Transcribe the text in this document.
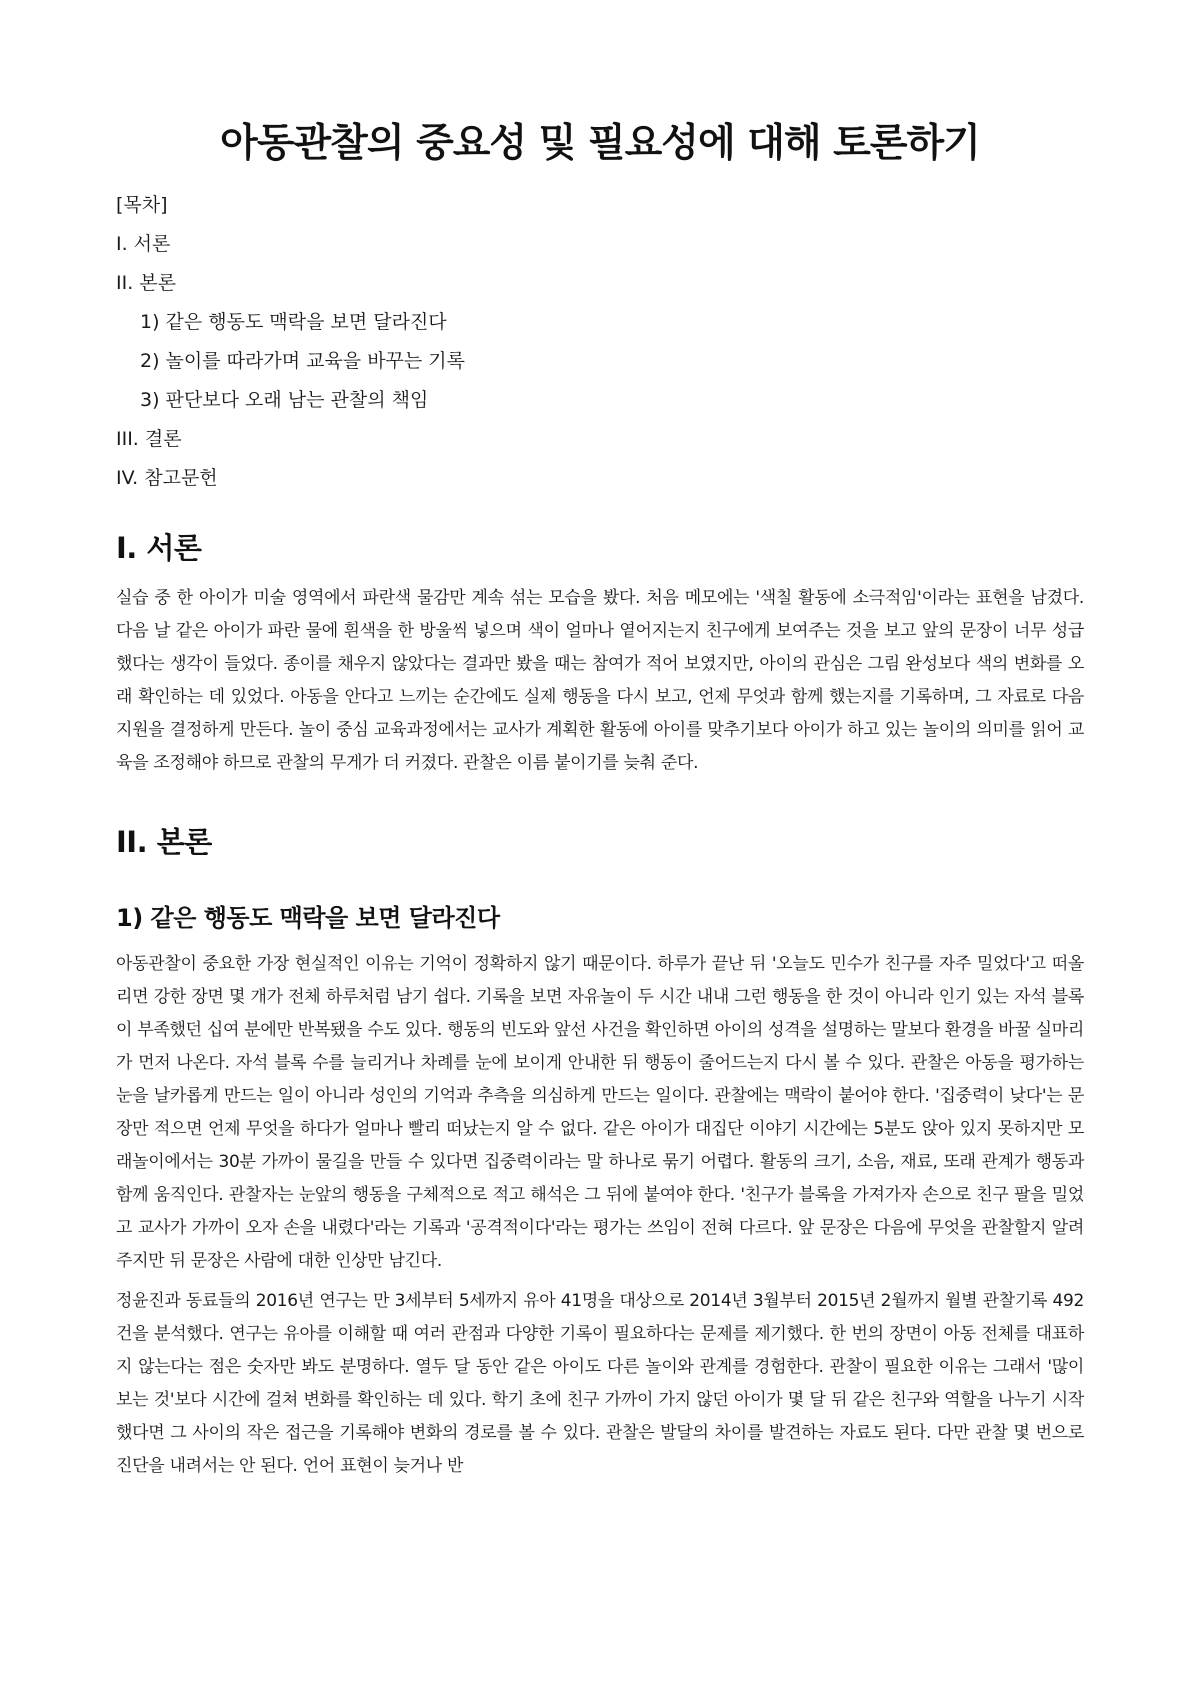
아동관찰의 중요성 및 필요성에 대해 토론하기
[목차]
I. 서론
II. 본론
1) 같은 행동도 맥락을 보면 달라진다
2) 놀이를 따라가며 교육을 바꾸는 기록
3) 판단보다 오래 남는 관찰의 책임
III. 결론
IV. 참고문헌
I. 서론

실습 중 한 아이가 미술 영역에서 파란색 물감만 계속 섞는 모습을 봤다. 처음 메모에는 '색칠 활동에 소극적임'이라는 표현을 남겼다. 다음 날 같은 아이가 파란 물에 흰색을 한 방울씩 넣으며 색이 얼마나 옅어지는지 친구에게 보여주는 것을 보고 앞의 문장이 너무 성급했다는 생각이 들었다. 종이를 채우지 않았다는 결과만 봤을 때는 참여가 적어 보였지만, 아이의 관심은 그림 완성보다 색의 변화를 오래 확인하는 데 있었다. 아동을 안다고 느끼는 순간에도 실제 행동을 다시 보고, 언제 무엇과 함께 했는지를 기록하며, 그 자료로 다음 지원을 결정하게 만든다. 놀이 중심 교육과정에서는 교사가 계획한 활동에 아이를 맞추기보다 아이가 하고 있는 놀이의 의미를 읽어 교육을 조정해야 하므로 관찰의 무게가 더 커졌다. 관찰은 이름 붙이기를 늦춰 준다.

II. 본론
1) 같은 행동도 맥락을 보면 달라진다

아동관찰이 중요한 가장 현실적인 이유는 기억이 정확하지 않기 때문이다. 하루가 끝난 뒤 '오늘도 민수가 친구를 자주 밀었다'고 떠올리면 강한 장면 몇 개가 전체 하루처럼 남기 쉽다. 기록을 보면 자유놀이 두 시간 내내 그런 행동을 한 것이 아니라 인기 있는 자석 블록이 부족했던 십여 분에만 반복됐을 수도 있다. 행동의 빈도와 앞선 사건을 확인하면 아이의 성격을 설명하는 말보다 환경을 바꿀 실마리가 먼저 나온다. 자석 블록 수를 늘리거나 차례를 눈에 보이게 안내한 뒤 행동이 줄어드는지 다시 볼 수 있다. 관찰은 아동을 평가하는 눈을 날카롭게 만드는 일이 아니라 성인의 기억과 추측을 의심하게 만드는 일이다. 관찰에는 맥락이 붙어야 한다. '집중력이 낮다'는 문장만 적으면 언제 무엇을 하다가 얼마나 빨리 떠났는지 알 수 없다. 같은 아이가 대집단 이야기 시간에는 5분도 앉아 있지 못하지만 모래놀이에서는 30분 가까이 물길을 만들 수 있다면 집중력이라는 말 하나로 묶기 어렵다. 활동의 크기, 소음, 재료, 또래 관계가 행동과 함께 움직인다. 관찰자는 눈앞의 행동을 구체적으로 적고 해석은 그 뒤에 붙여야 한다. '친구가 블록을 가져가자 손으로 친구 팔을 밀었고 교사가 가까이 오자 손을 내렸다'라는 기록과 '공격적이다'라는 평가는 쓰임이 전혀 다르다. 앞 문장은 다음에 무엇을 관찰할지 알려주지만 뒤 문장은 사람에 대한 인상만 남긴다.

정윤진과 동료들의 2016년 연구는 만 3세부터 5세까지 유아 41명을 대상으로 2014년 3월부터 2015년 2월까지 월별 관찰기록 492건을 분석했다. 연구는 유아를 이해할 때 여러 관점과 다양한 기록이 필요하다는 문제를 제기했다. 한 번의 장면이 아동 전체를 대표하지 않는다는 점은 숫자만 봐도 분명하다. 열두 달 동안 같은 아이도 다른 놀이와 관계를 경험한다. 관찰이 필요한 이유는 그래서 '많이 보는 것'보다 시간에 걸쳐 변화를 확인하는 데 있다. 학기 초에 친구 가까이 가지 않던 아이가 몇 달 뒤 같은 친구와 역할을 나누기 시작했다면 그 사이의 작은 접근을 기록해야 변화의 경로를 볼 수 있다. 관찰은 발달의 차이를 발견하는 자료도 된다. 다만 관찰 몇 번으로 진단을 내려서는 안 된다. 언어 표현이 늦거나 반
